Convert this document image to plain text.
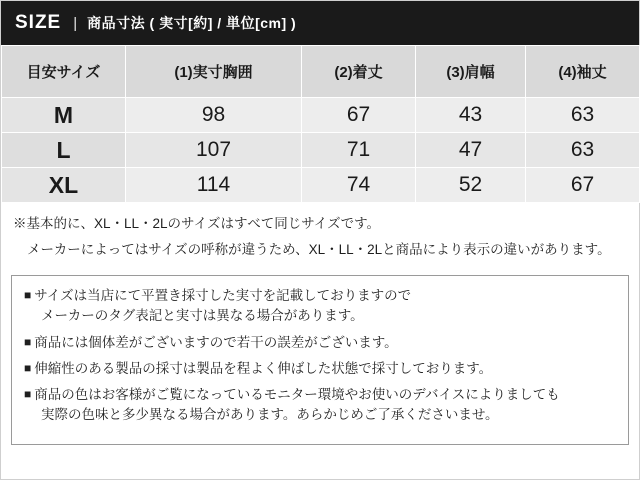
SIZE | 商品寸法 ( 実寸[約] / 単位[cm] )
目安サイズ	(1)実寸胸囲	(2)着丈	(3)肩幅	(4)袖丈
M	98	67	43	63
L	107	71	47	63
XL	114	74	52	67

※基本的に、XL・LL・2Lのサイズはすべて同じサイズです。

メーカーによってはサイズの呼称が違うため、XL・LL・2Lと商品により表示の違いがあります。

■ サイズは当店にて平置き採寸した実寸を記載しておりますので
メーカーのタグ表記と実寸は異なる場合があります。
■ 商品には個体差がございますので若干の誤差がございます。
■ 伸縮性のある製品の採寸は製品を程よく伸ばした状態で採寸しております。
■ 商品の色はお客様がご覧になっているモニター環境やお使いのデバイスによりましても
実際の色味と多少異なる場合があります。あらかじめご了承くださいませ。
